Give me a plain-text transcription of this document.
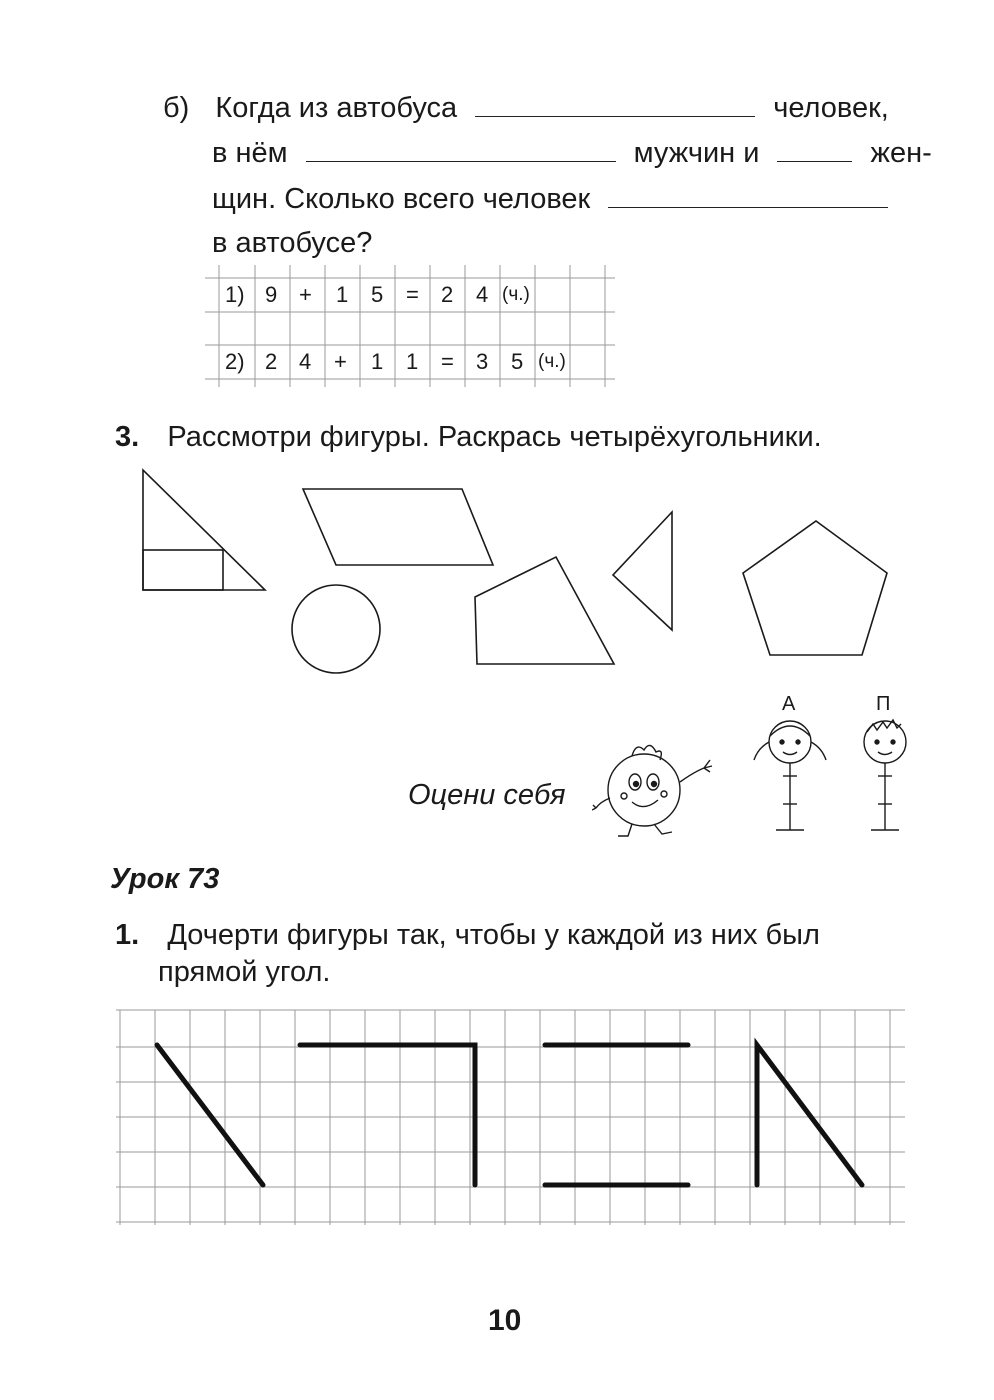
б) Когда из автобуса	человек,
в нём	мужчин и	жен-
щин. Сколько всего человек
в автобусе?
1) 9 + 1 5 = 2 4 (ч.)
2) 2 4 + 1 1 = 3 5 (ч.)
3. Рассмотри фигуры. Раскрась четырёхугольники.
Оцени себя
А	П
Урок 73
1. Дочерти фигуры так, чтобы у каждой из них был
прямой угол.
10
